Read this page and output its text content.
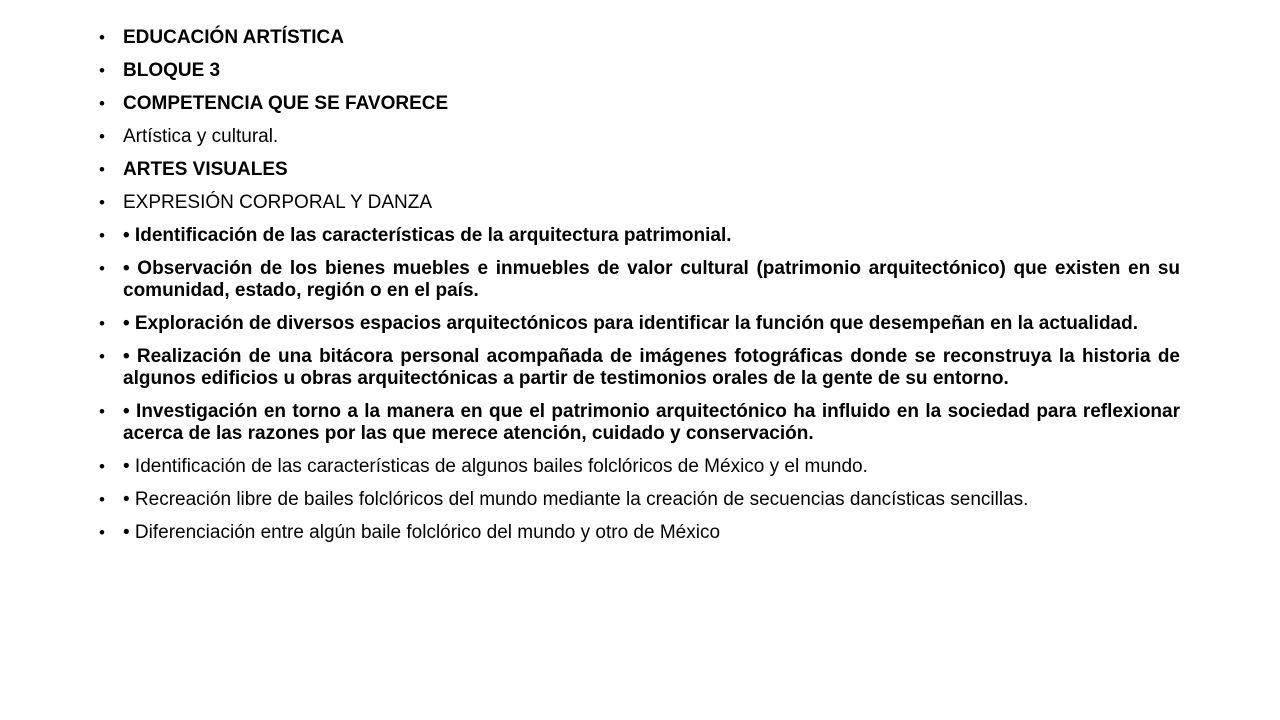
• EDUCACIÓN ARTÍSTICA
• BLOQUE 3
• COMPETENCIA QUE SE FAVORECE
• Artística y cultural.
• ARTES VISUALES
• EXPRESIÓN CORPORAL Y DANZA
• • Identificación de las características de la arquitectura patrimonial.
• • Observación de los bienes muebles e inmuebles de valor cultural (patrimonio arquitectónico) que existen en su comunidad, estado, región o en el país.
• • Exploración de diversos espacios arquitectónicos para identificar la función que desempeñan en la actualidad.
• • Realización de una bitácora personal acompañada de imágenes fotográficas donde se reconstruya la historia de algunos edificios u obras arquitectónicas a partir de testimonios orales de la gente de su entorno.
• • Investigación en torno a la manera en que el patrimonio arquitectónico ha influido en la sociedad para reflexionar acerca de las razones por las que merece atención, cuidado y conservación.
• • Identificación de las características de algunos bailes folclóricos de México y el mundo.
• • Recreación libre de bailes folclóricos del mundo mediante la creación de secuencias dancísticas sencillas.
• • Diferenciación entre algún baile folclórico del mundo y otro de México
